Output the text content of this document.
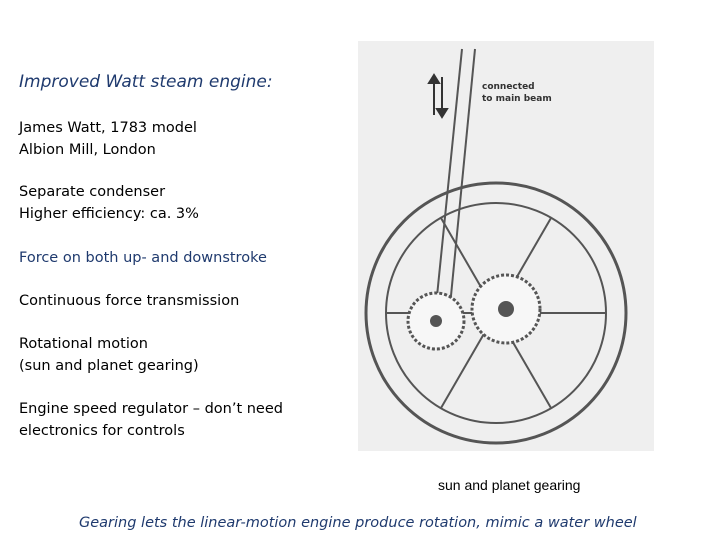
Improved Watt steam engine:
James Watt, 1783 model
Albion Mill, London
Separate condenser
Higher efficiency: ca. 3%
Force on both up- and downstroke
Continuous force transmission
Rotational motion
(sun and planet gearing)
Engine speed regulator – don’t need
electronics for controls
connected
to main beam
sun and planet gearing
Gearing lets the linear-motion engine produce rotation, mimic a water wheel
